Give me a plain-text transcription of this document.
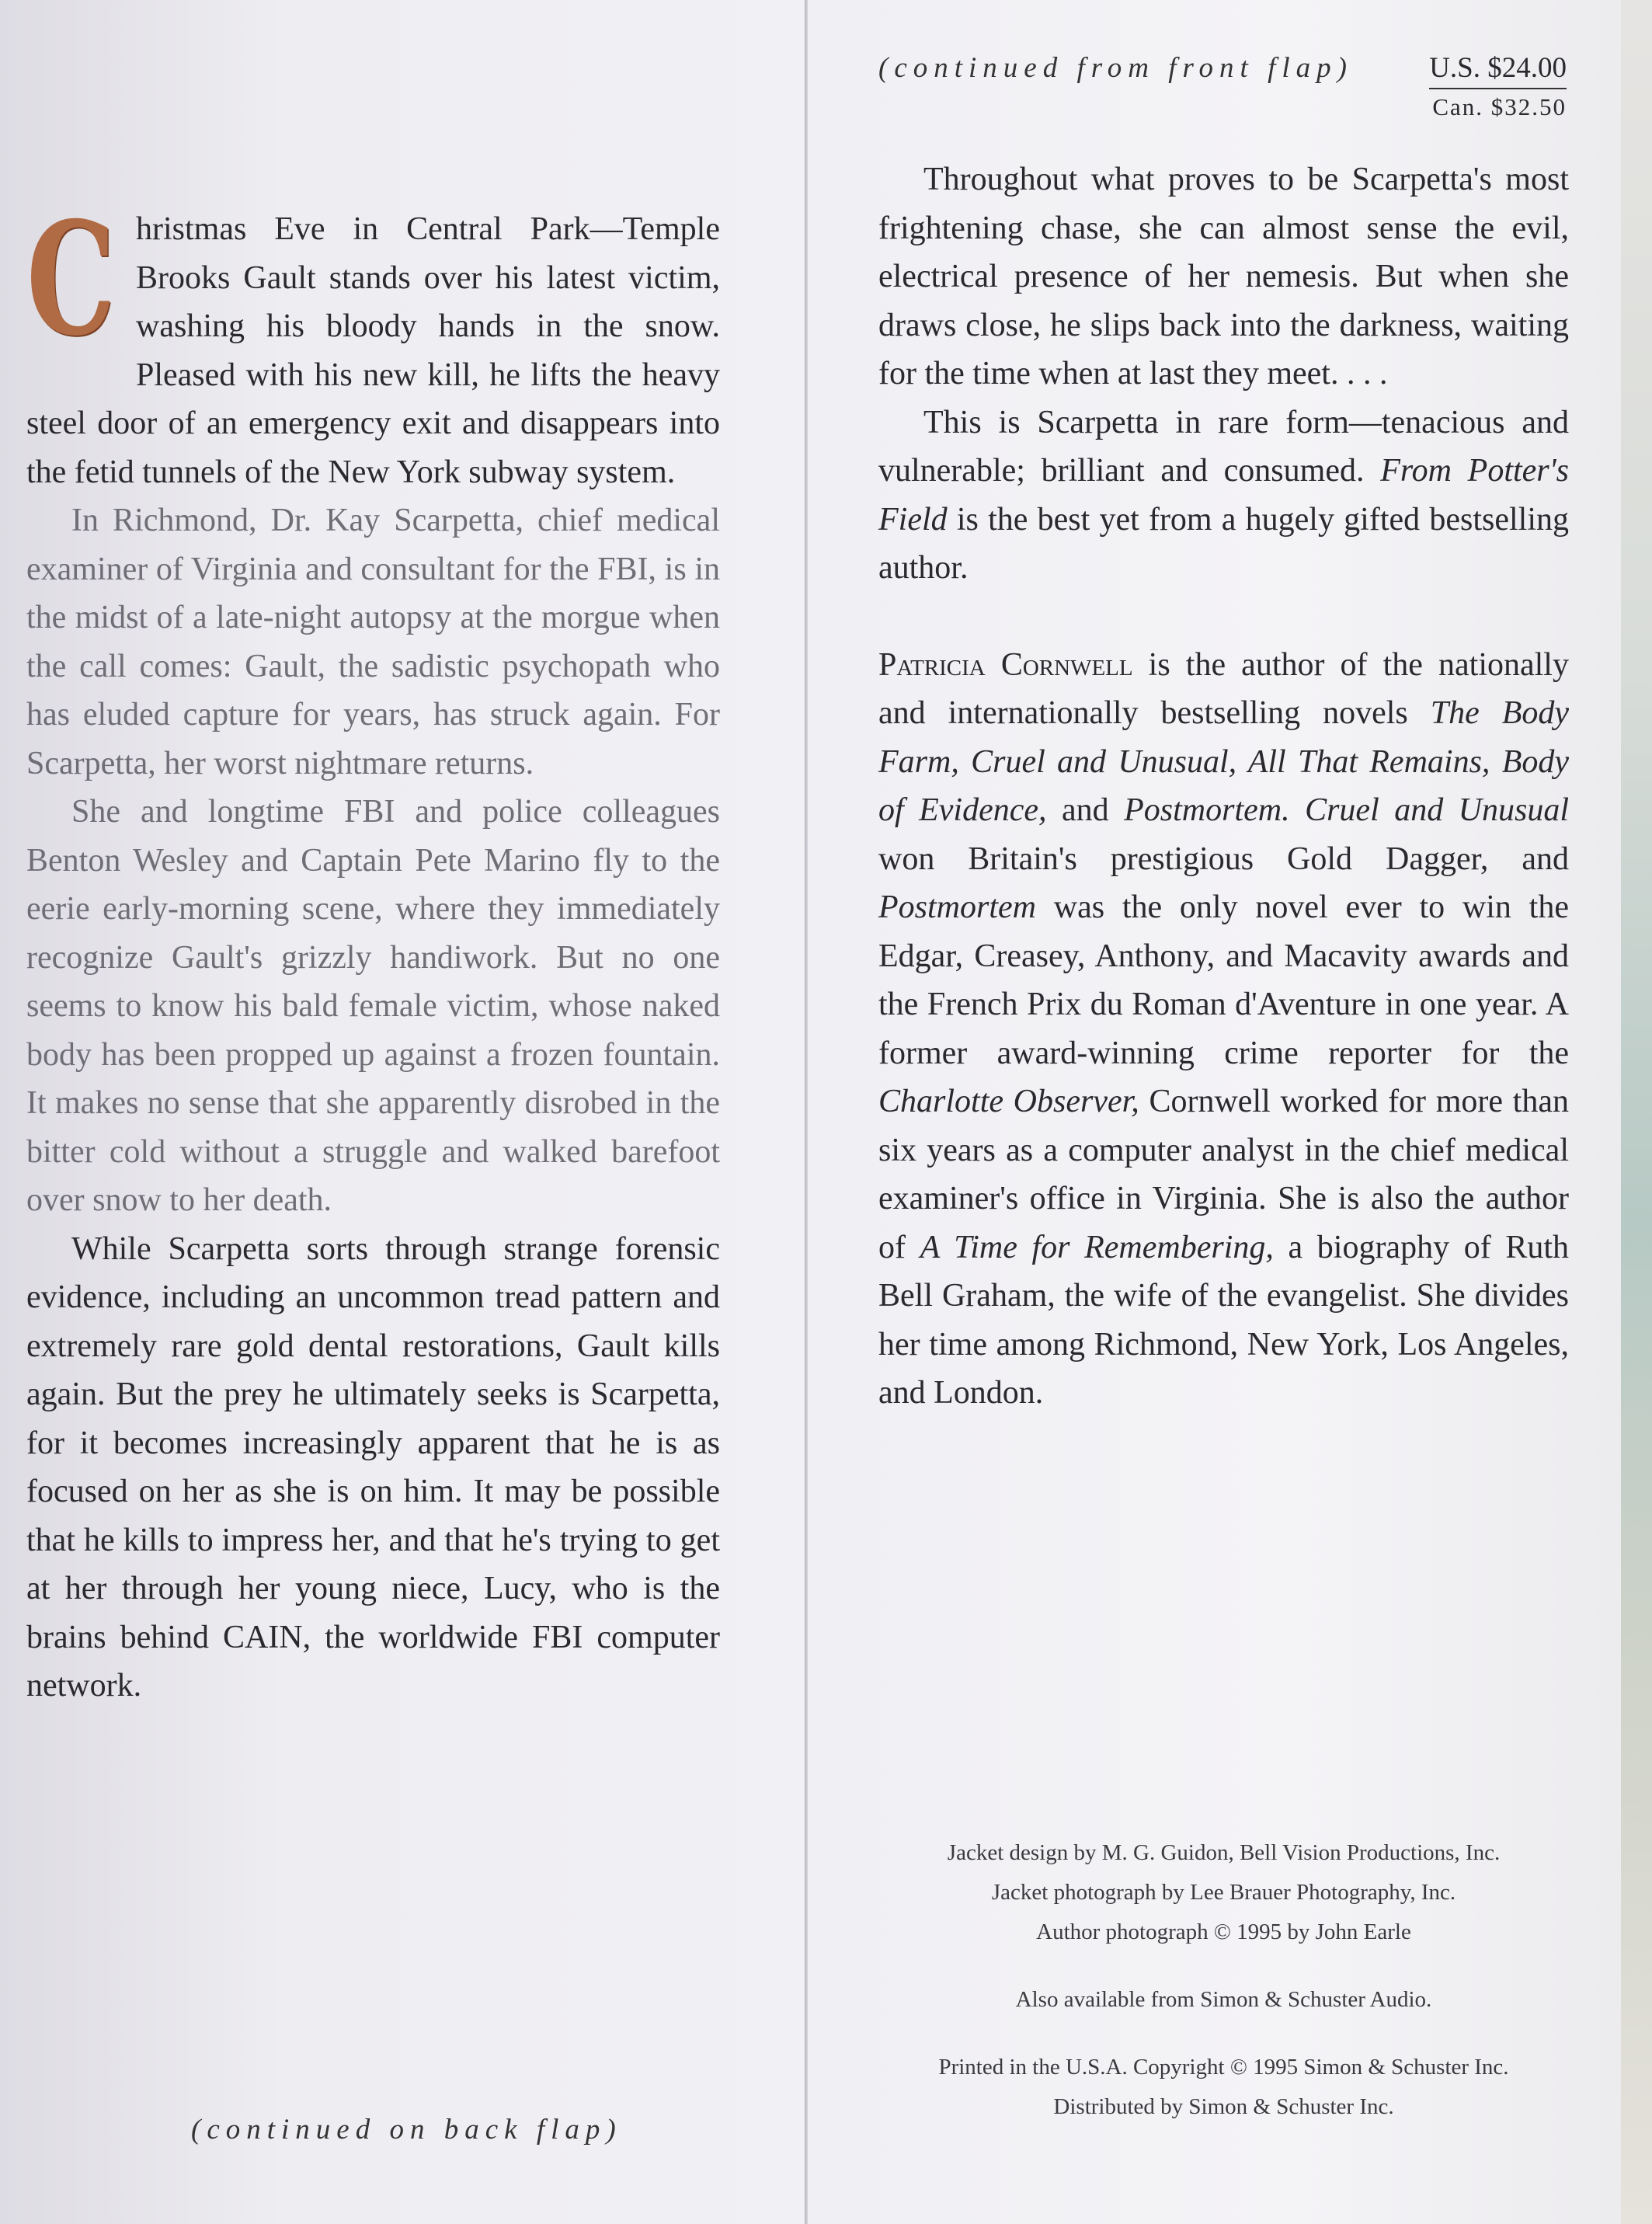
U.S. $24.00
Can. $32.50
C hristmas Eve in Central Park—Temple Brooks Gault stands over his latest victim, washing his bloody hands in the snow. Pleased with his new kill, he lifts the heavy steel door of an emergency exit and disappears into the fetid tunnels of the New York subway system.

In Richmond, Dr. Kay Scarpetta, chief medical examiner of Virginia and consultant for the FBI, is in the midst of a late-night autopsy at the morgue when the call comes: Gault, the sadistic psychopath who has eluded capture for years, has struck again. For Scarpetta, her worst nightmare returns.

She and longtime FBI and police colleagues Benton Wesley and Captain Pete Marino fly to the eerie early-morning scene, where they immediately recognize Gault's grizzly handiwork. But no one seems to know his bald female victim, whose naked body has been propped up against a frozen fountain. It makes no sense that she apparently disrobed in the bitter cold without a struggle and walked barefoot over snow to her death.

While Scarpetta sorts through strange forensic evidence, including an uncommon tread pattern and extremely rare gold dental restorations, Gault kills again. But the prey he ultimately seeks is Scarpetta, for it becomes increasingly apparent that he is as focused on her as she is on him. It may be possible that he kills to impress her, and that he's trying to get at her through her young niece, Lucy, who is the brains behind CAIN, the worldwide FBI computer network.

(continued on back flap)
(continued from front flap)

Throughout what proves to be Scarpetta's most frightening chase, she can almost sense the evil, electrical presence of her nemesis. But when she draws close, he slips back into the darkness, waiting for the time when at last they meet. . . .

This is Scarpetta in rare form—tenacious and vulnerable; brilliant and consumed. From Potter's Field is the best yet from a hugely gifted bestselling author.

Patricia Cornwell is the author of the nationally and internationally bestselling novels The Body Farm, Cruel and Unusual, All That Remains, Body of Evidence, and Postmortem. Cruel and Unusual won Britain's prestigious Gold Dagger, and Postmortem was the only novel ever to win the Edgar, Creasey, Anthony, and Macavity awards and the French Prix du Roman d'Aventure in one year. A former award-winning crime reporter for the Charlotte Observer, Cornwell worked for more than six years as a computer analyst in the chief medical examiner's office in Virginia. She is also the author of A Time for Remembering, a biography of Ruth Bell Graham, the wife of the evangelist. She divides her time among Richmond, New York, Los Angeles, and London.

Jacket design by M. G. Guidon, Bell Vision Productions, Inc.
Jacket photograph by Lee Brauer Photography, Inc.
Author photograph © 1995 by John Earle
Also available from Simon & Schuster Audio.
Printed in the U.S.A. Copyright © 1995 Simon & Schuster Inc.
Distributed by Simon & Schuster Inc.
